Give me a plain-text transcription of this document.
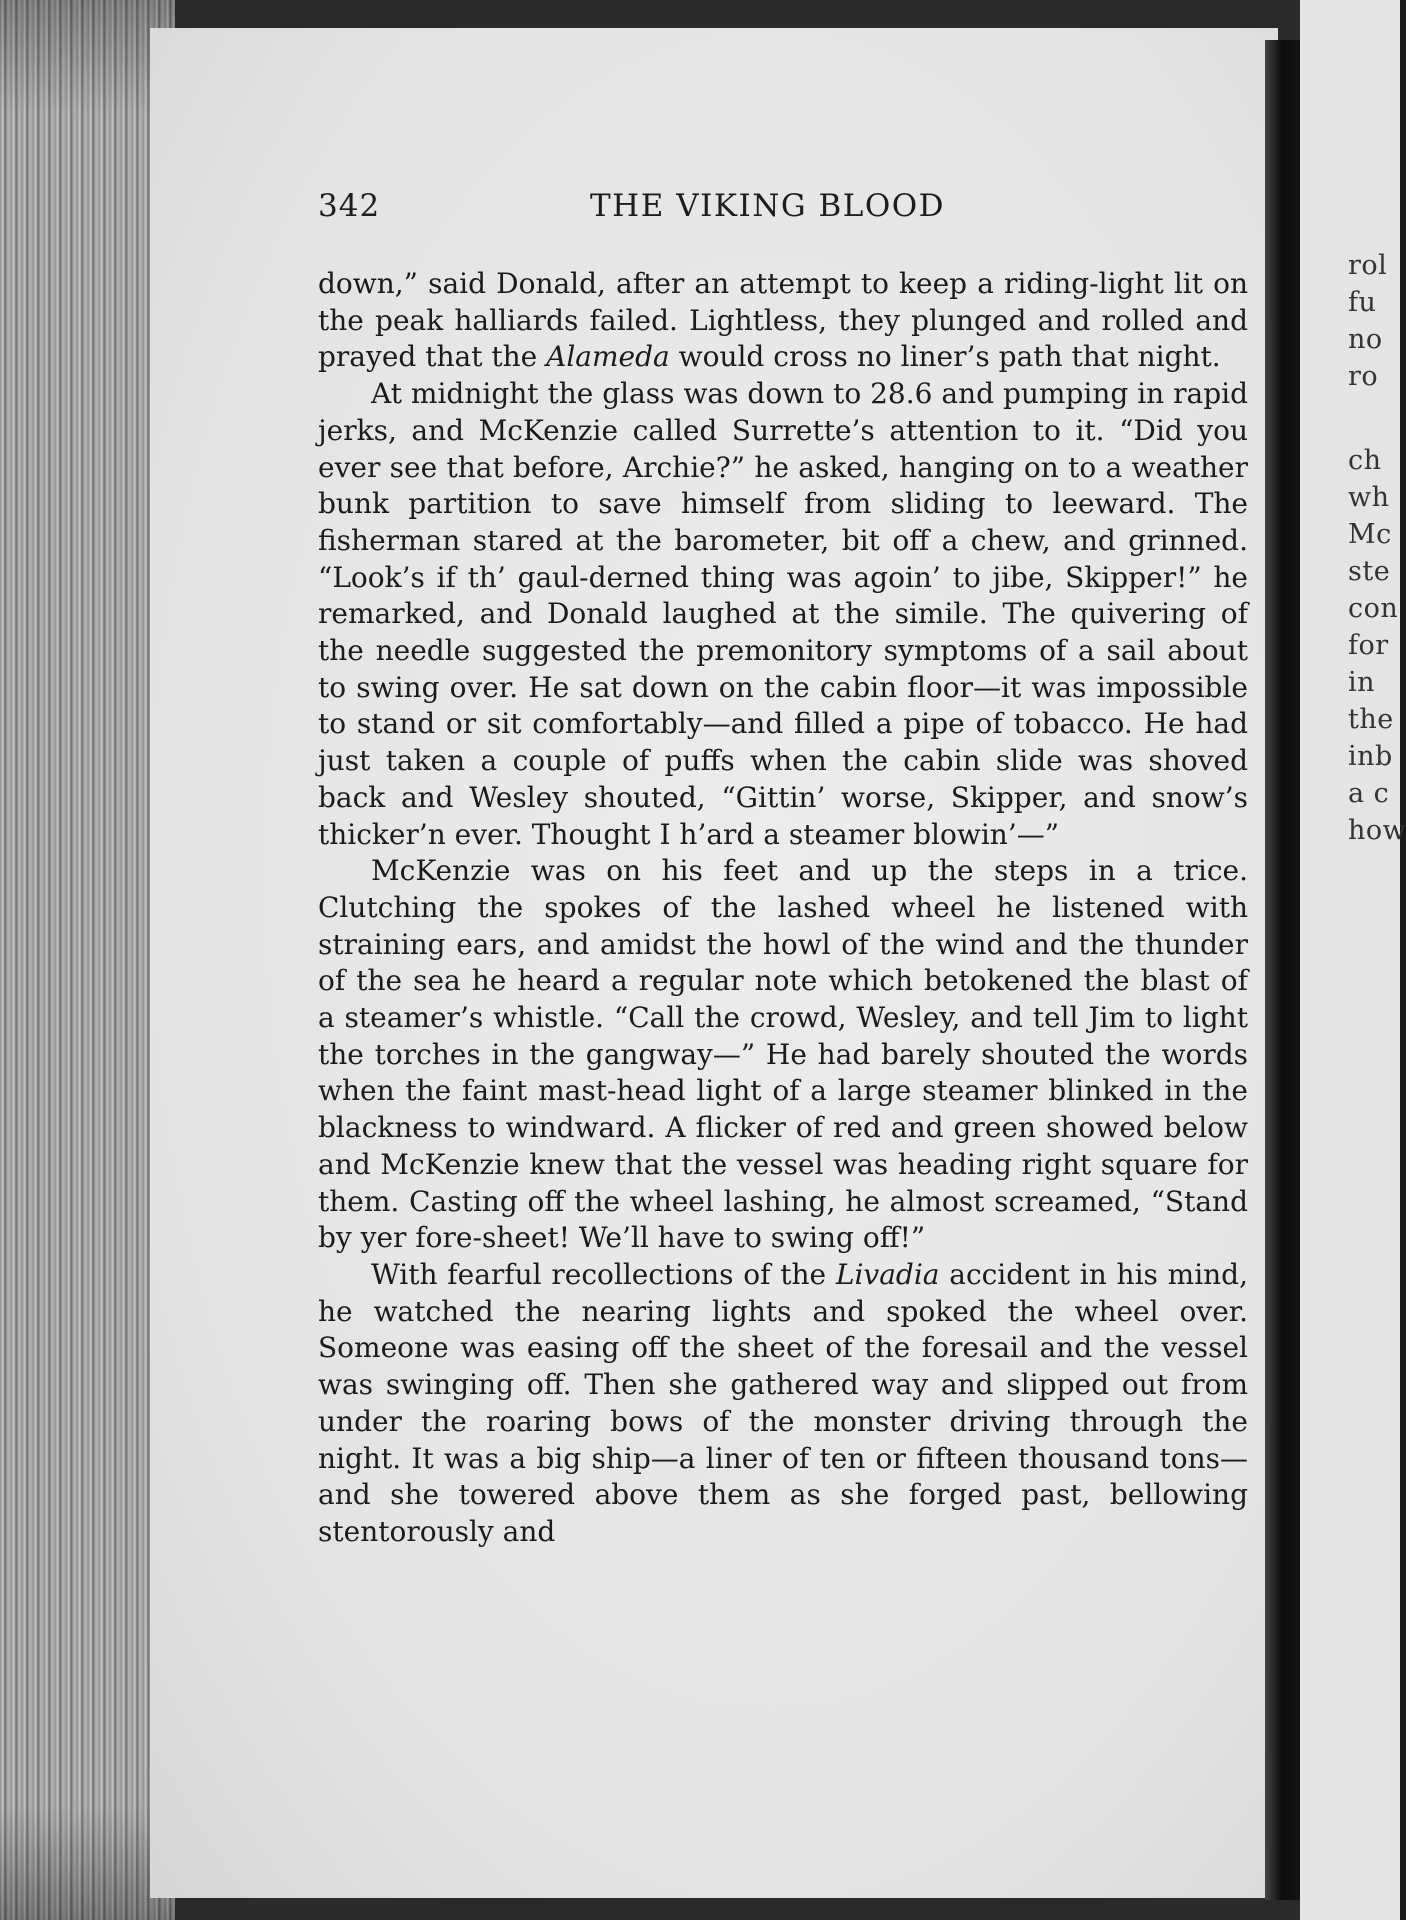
rol
fu
no
ro
ch
wh
Mc
ste
con
for
in
the
inb
a c
how
342	THE VIKING BLOOD

down,” said Donald, after an attempt to keep a riding-light lit on the peak halliards failed. Lightless, they plunged and rolled and prayed that the Alameda would cross no liner’s path that night.

At midnight the glass was down to 28.6 and pumping in rapid jerks, and McKenzie called Surrette’s attention to it. “Did you ever see that before, Archie?” he asked, hanging on to a weather bunk partition to save himself from sliding to leeward. The fisherman stared at the barometer, bit off a chew, and grinned. “Look’s if th’ gaul-derned thing was agoin’ to jibe, Skipper!” he remarked, and Donald laughed at the simile. The quivering of the needle suggested the premonitory symptoms of a sail about to swing over. He sat down on the cabin floor—it was impossible to stand or sit comfortably—and filled a pipe of tobacco. He had just taken a couple of puffs when the cabin slide was shoved back and Wesley shouted, “Gittin’ worse, Skipper, and snow’s thicker’n ever. Thought I h’ard a steamer blowin’—”

McKenzie was on his feet and up the steps in a trice. Clutching the spokes of the lashed wheel he listened with straining ears, and amidst the howl of the wind and the thunder of the sea he heard a regular note which betokened the blast of a steamer’s whistle. “Call the crowd, Wesley, and tell Jim to light the torches in the gangway—” He had barely shouted the words when the faint mast-head light of a large steamer blinked in the blackness to windward. A flicker of red and green showed below and McKenzie knew that the vessel was heading right square for them. Casting off the wheel lashing, he almost screamed, “Stand by yer fore-sheet! We’ll have to swing off!”

With fearful recollections of the Livadia accident in his mind, he watched the nearing lights and spoked the wheel over. Someone was easing off the sheet of the foresail and the vessel was swinging off. Then she gathered way and slipped out from under the roaring bows of the monster driving through the night. It was a big ship—a liner of ten or fifteen thousand tons—and she towered above them as she forged past, bellowing stentorously and
